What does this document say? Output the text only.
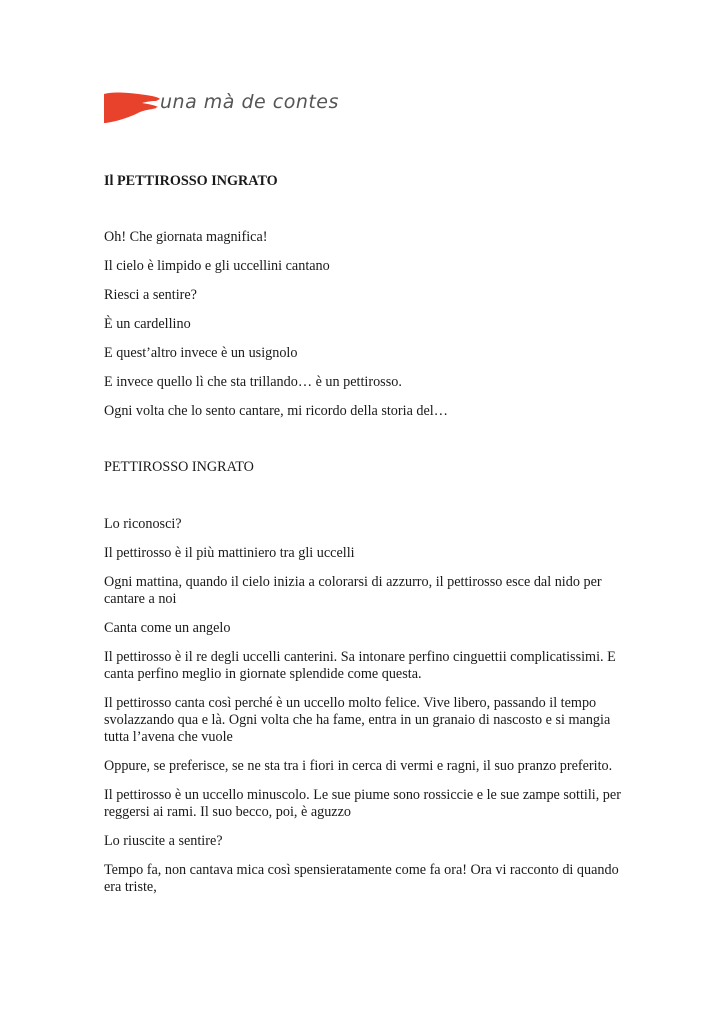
una mà de contes

Il PETTIROSSO INGRATO

Oh! Che giornata magnifica!

Il cielo è limpido e gli uccellini cantano

Riesci a sentire?

È un cardellino

E quest’altro invece è un usignolo

E invece quello lì che sta trillando… è un pettirosso.

Ogni volta che lo sento cantare, mi ricordo della storia del…

PETTIROSSO INGRATO

Lo riconosci?

Il pettirosso è il più mattiniero tra gli uccelli

Ogni mattina, quando il cielo inizia a colorarsi di azzurro, il pettirosso esce dal nido per cantare a noi

Canta come un angelo

Il pettirosso è il re degli uccelli canterini. Sa intonare perfino cinguettii complicatissimi. E canta perfino meglio in giornate splendide come questa.

Il pettirosso canta così perché è un uccello molto felice. Vive libero, passando il tempo svolazzando qua e là. Ogni volta che ha fame, entra in un granaio di nascosto e si mangia tutta l’avena che vuole

Oppure, se preferisce, se ne sta tra i fiori in cerca di vermi e ragni, il suo pranzo preferito.

Il pettirosso è un uccello minuscolo. Le sue piume sono rossiccie e le sue zampe sottili, per reggersi ai rami. Il suo becco, poi, è aguzzo

Lo riuscite a sentire?

Tempo fa, non cantava mica così spensieratamente come fa ora! Ora vi racconto di quando era triste,
